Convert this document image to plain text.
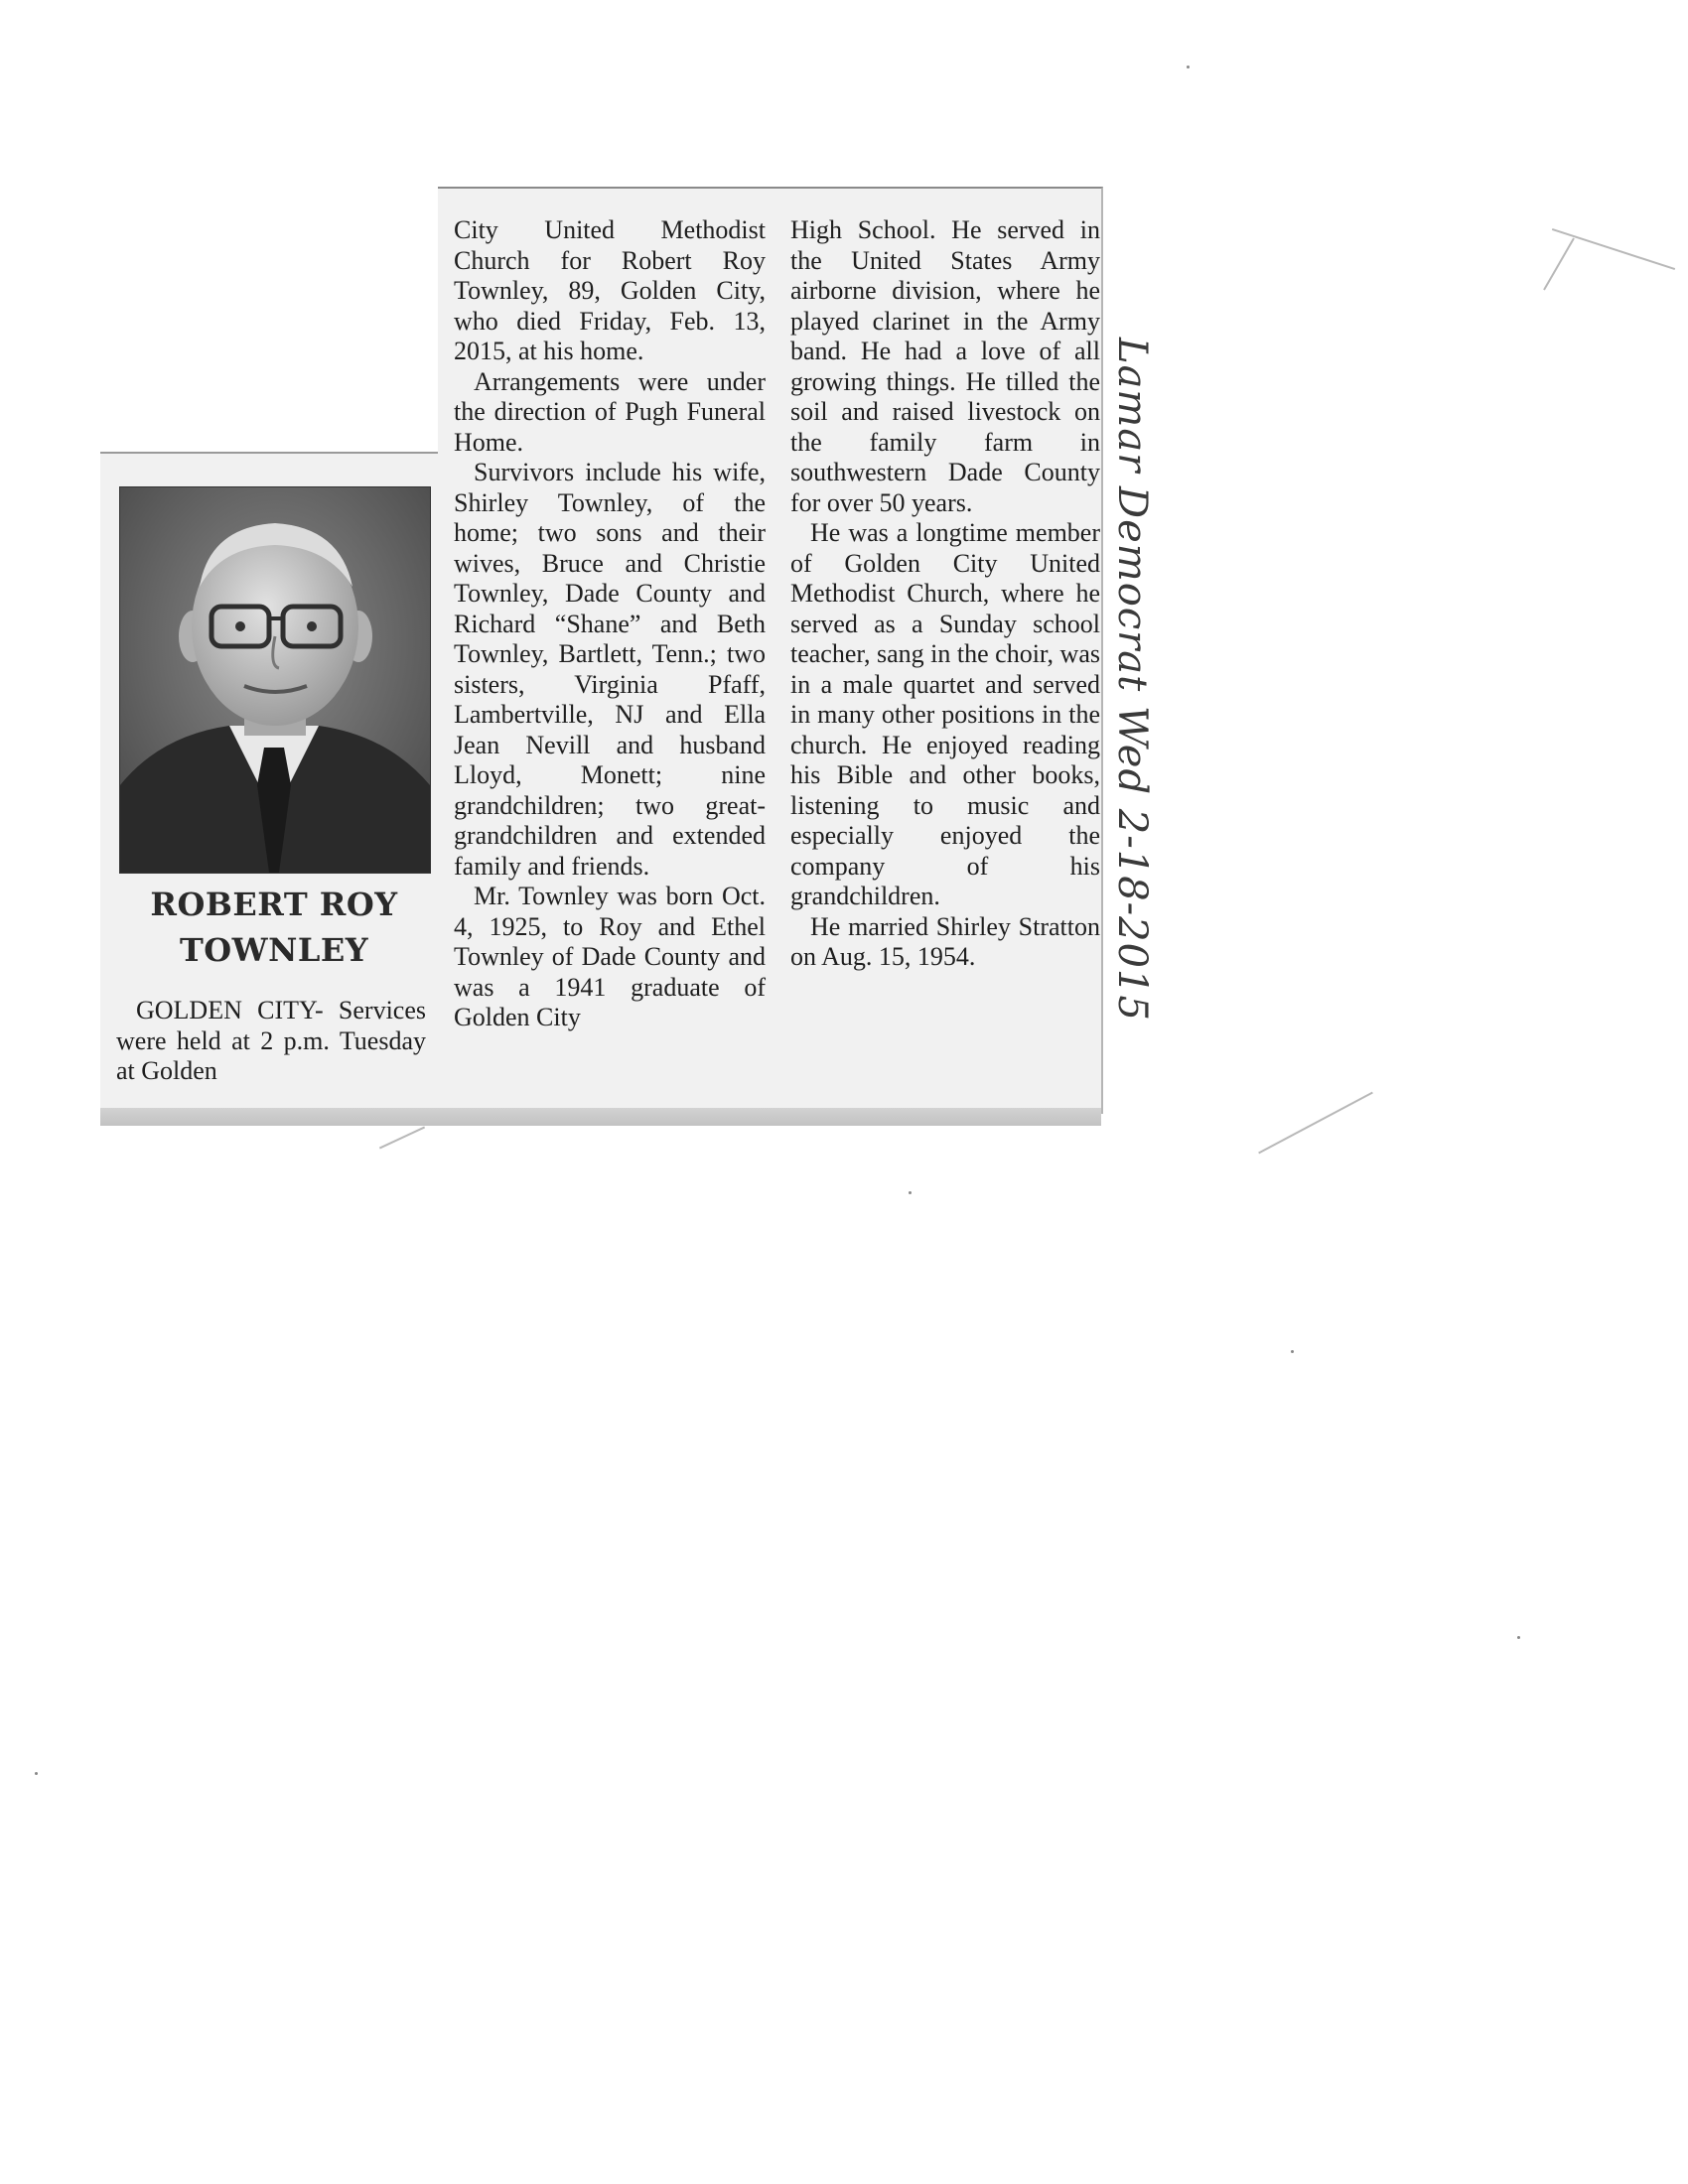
ROBERT ROY
TOWNLEY

GOLDEN CITY- Services were held at 2 p.m. Tuesday at Golden

City United Methodist Church for Robert Roy Townley, 89, Golden City, who died Friday, Feb. 13, 2015, at his home.

Arrangements were under the direction of Pugh Funeral Home.

Survivors include his wife, Shirley Townley, of the home; two sons and their wives, Bruce and Christie Townley, Dade County and Richard “Shane” and Beth Townley, Bartlett, Tenn.; two sisters, Virginia Pfaff, Lambertville, NJ and Ella Jean Nevill and husband Lloyd, Monett; nine grandchildren; two great-grandchildren and extended family and friends.

Mr. Townley was born Oct. 4, 1925, to Roy and Ethel Townley of Dade County and was a 1941 graduate of Golden City

High School. He served in the United States Army airborne division, where he played clarinet in the Army band. He had a love of all growing things. He tilled the soil and raised livestock on the family farm in southwestern Dade County for over 50 years.

He was a longtime member of Golden City United Methodist Church, where he served as a Sunday school teacher, sang in the choir, was in a male quartet and served in many other positions in the church. He enjoyed reading his Bible and other books, listening to music and especially enjoyed the company of his grandchildren.

He married Shirley Stratton on Aug. 15, 1954.	Lamar Democrat Wed 2-18-2015
